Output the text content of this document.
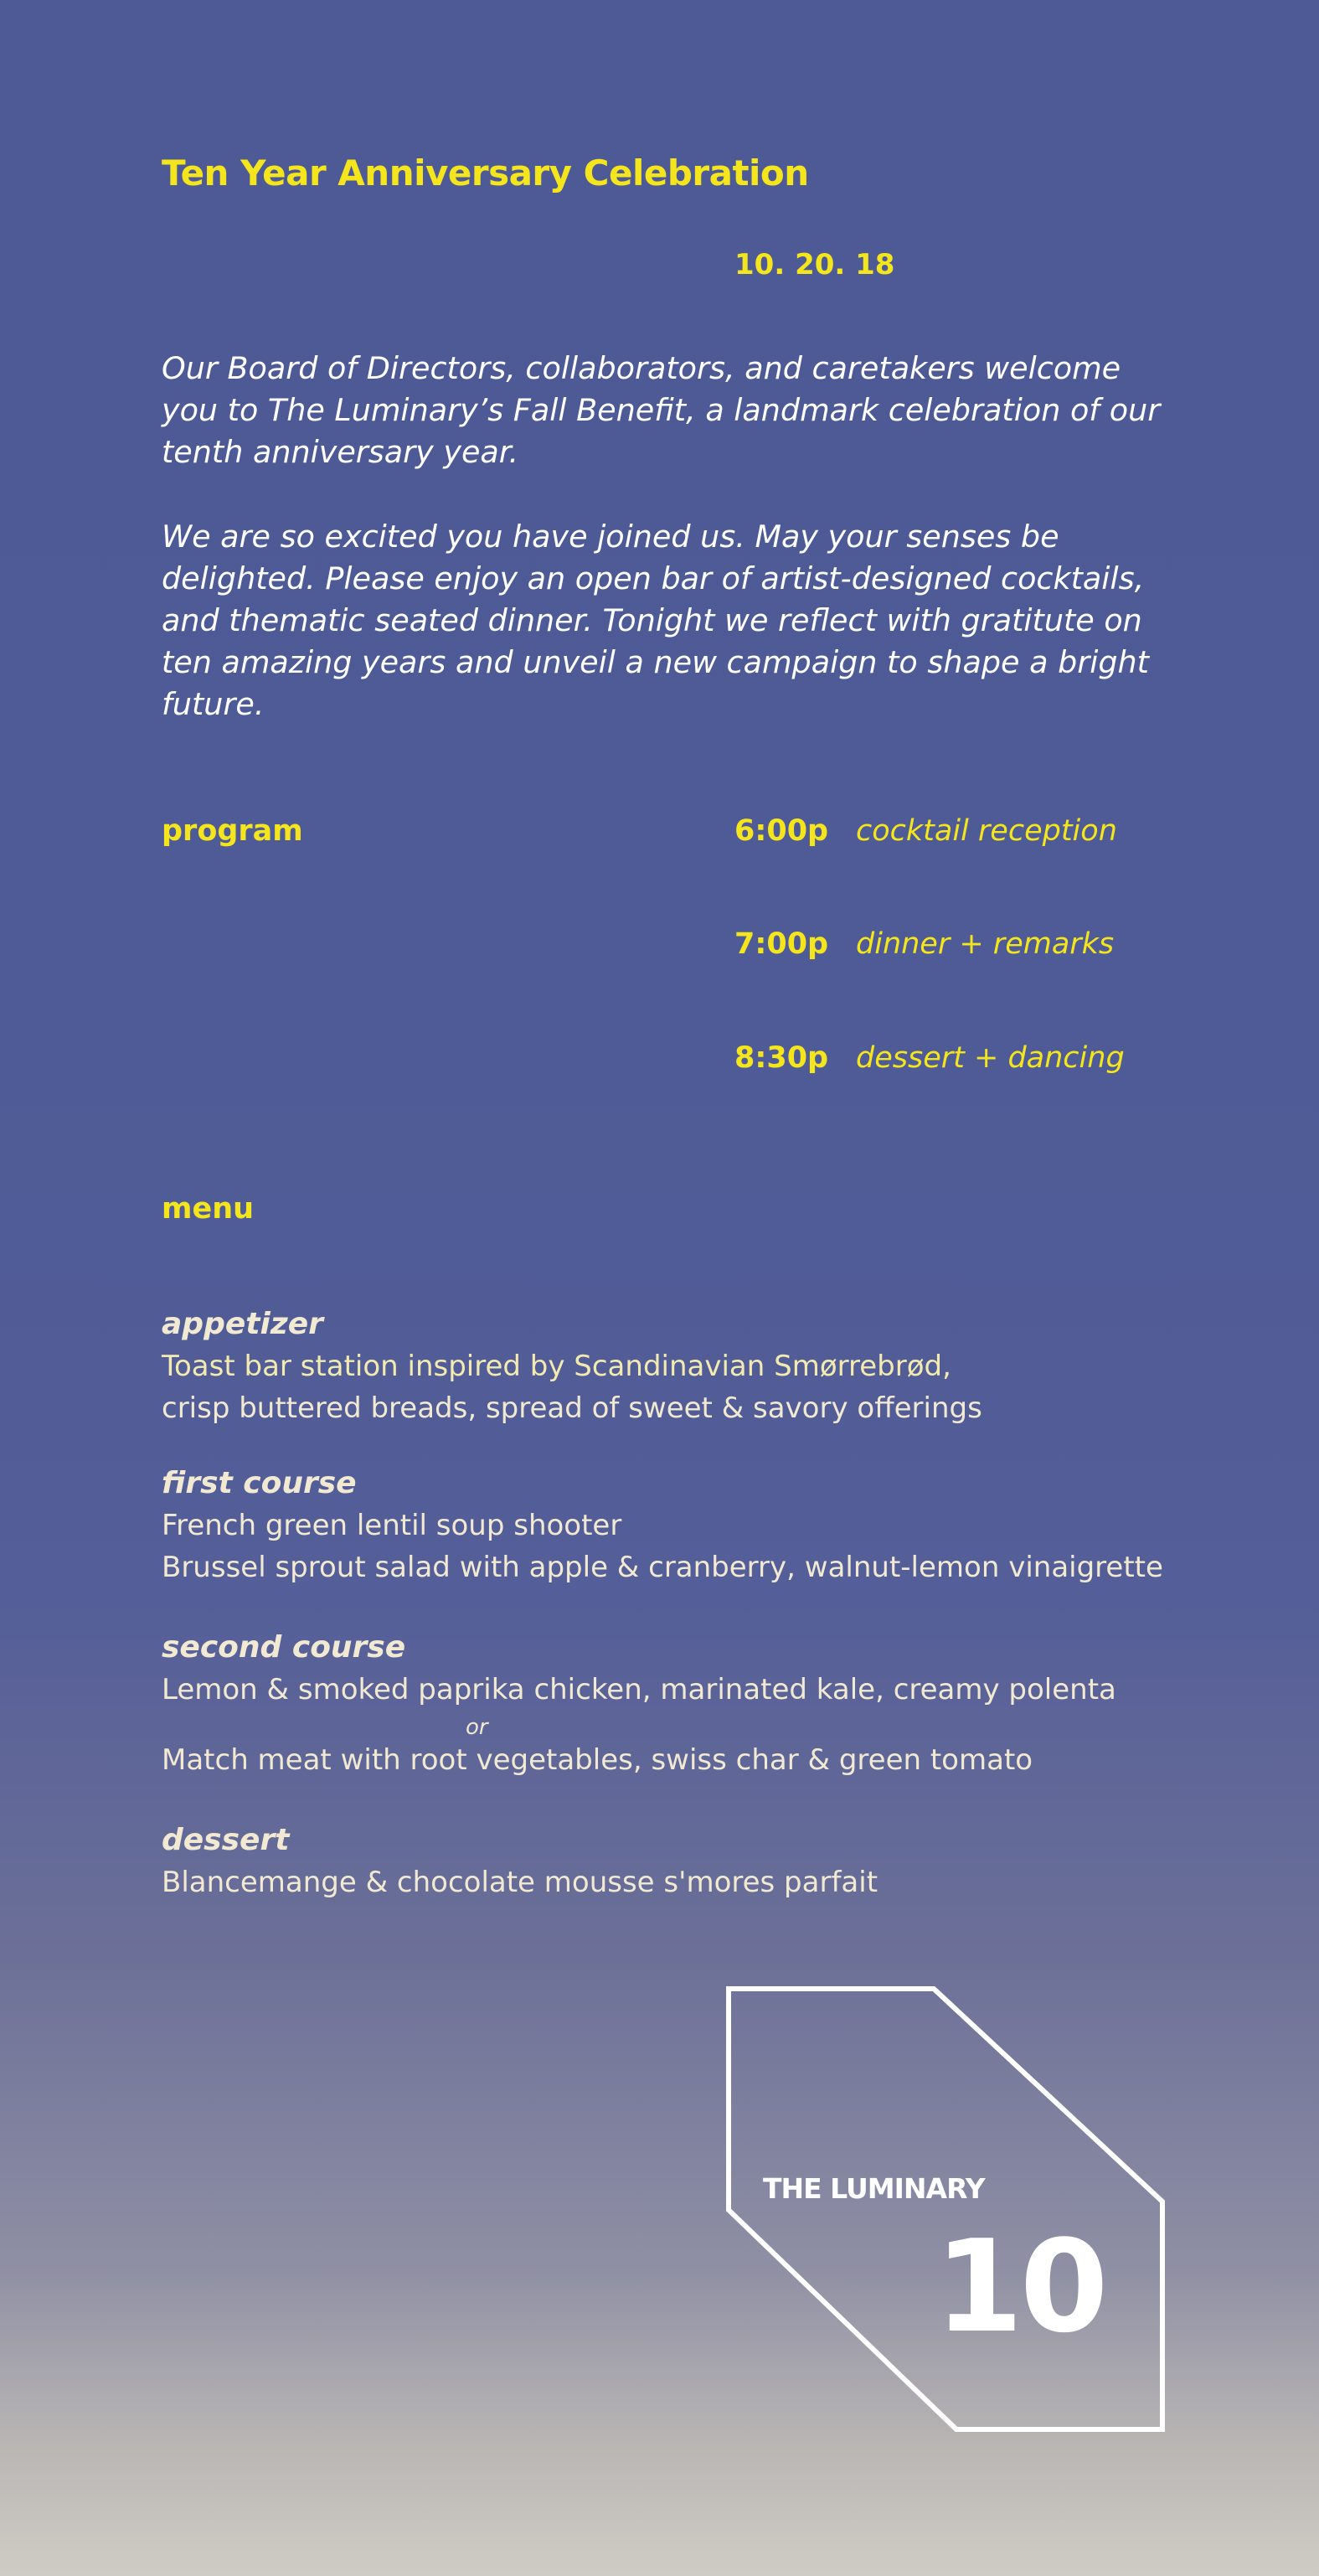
Ten Year Anniversary Celebration
10. 20. 18

Our Board of Directors, collaborators, and caretakers welcome you to The Luminary’s Fall Benefit, a landmark celebration of our tenth anniversary year.

We are so excited you have joined us. May your senses be delighted. Please enjoy an open bar of artist-designed cocktails, and thematic seated dinner. Tonight we reflect with gratitute on ten amazing years and unveil a new campaign to shape a bright future.

program	6:00p cocktail reception
7:00p dinner + remarks
8:30p dessert + dancing
menu
appetizer
Toast bar station inspired by Scandinavian Smørrebrød,
crisp buttered breads, spread of sweet & savory offerings
first course
French green lentil soup shooter
Brussel sprout salad with apple & cranberry, walnut-lemon vinaigrette
second course
Lemon & smoked paprika chicken, marinated kale, creamy polenta
or
Match meat with root vegetables, swiss char & green tomato
dessert
Blancemange & chocolate mousse s'mores parfait
THE LUMINARY
10
